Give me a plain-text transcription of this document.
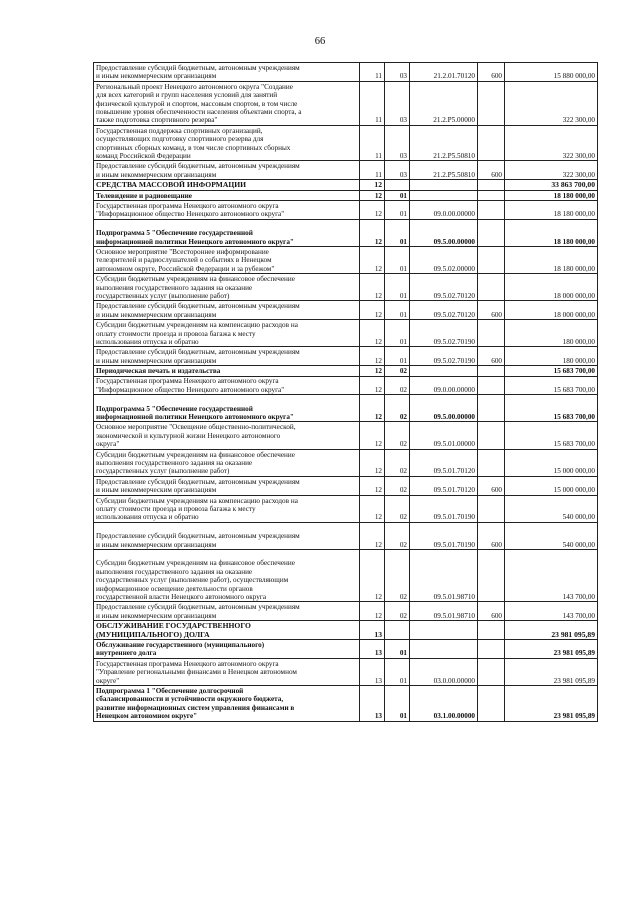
66
Предоставление субсидий бюджетным, автономным учреждениям
и иным некоммерческим организациям	11	03	21.2.01.70120	600	15 880 000,00
Региональный проект Ненецкого автономного округа "Создание
для всех категорий и групп населения условий для занятий
физической культурой и спортом, массовым спортом, в том числе
повышение уровня обеспеченности населения объектами спорта, а
также подготовка спортивного резерва"	11	03	21.2.P5.00000		322 300,00
Государственная поддержка спортивных организаций,
осуществляющих подготовку спортивного резерва для
спортивных сборных команд, в том числе спортивных сборных
команд Российской Федерации	11	03	21.2.P5.50810		322 300,00
Предоставление субсидий бюджетным, автономным учреждениям
и иным некоммерческим организациям	11	03	21.2.P5.50810	600	322 300,00
СРЕДСТВА МАССОВОЙ ИНФОРМАЦИИ	12				33 863 700,00
Телевидение и радиовещание	12	01			18 180 000,00
Государственная программа Ненецкого автономного округа
"Информационное общество Ненецкого автономного округа"	12	01	09.0.00.00000		18 180 000,00
Подпрограмма 5 "Обеспечение государственной
информационной политики Ненецкого автономного округа"	12	01	09.5.00.00000		18 180 000,00
Основное мероприятие "Всестороннее информирование
телезрителей и радиослушателей о событиях в Ненецком
автономном округе, Российской Федерации и за рубежом"	12	01	09.5.02.00000		18 180 000,00
Субсидии бюджетным учреждениям на финансовое обеспечение
выполнения государственного задания на оказание
государственных услуг (выполнение работ)	12	01	09.5.02.70120		18 000 000,00
Предоставление субсидий бюджетным, автономным учреждениям
и иным некоммерческим организациям	12	01	09.5.02.70120	600	18 000 000,00
Субсидии бюджетным учреждениям на компенсацию расходов на
оплату стоимости проезда и провоза багажа к месту
использования отпуска и обратно	12	01	09.5.02.70190		180 000,00
Предоставление субсидий бюджетным, автономным учреждениям
и иным некоммерческим организациям	12	01	09.5.02.70190	600	180 000,00
Периодическая печать и издательства	12	02			15 683 700,00
Государственная программа Ненецкого автономного округа
"Информационное общество Ненецкого автономного округа"	12	02	09.0.00.00000		15 683 700,00
Подпрограмма 5 "Обеспечение государственной
информационной политики Ненецкого автономного округа"	12	02	09.5.00.00000		15 683 700,00
Основное мероприятие "Освещение общественно-политической,
экономической и культурной жизни Ненецкого автономного
округа"	12	02	09.5.01.00000		15 683 700,00
Субсидии бюджетным учреждениям на финансовое обеспечение
выполнения государственного задания на оказание
государственных услуг (выполнение работ)	12	02	09.5.01.70120		15 000 000,00
Предоставление субсидий бюджетным, автономным учреждениям
и иным некоммерческим организациям	12	02	09.5.01.70120	600	15 000 000,00
Субсидии бюджетным учреждениям на компенсацию расходов на
оплату стоимости проезда и провоза багажа к месту
использования отпуска и обратно	12	02	09.5.01.70190		540 000,00
Предоставление субсидий бюджетным, автономным учреждениям
и иным некоммерческим организациям	12	02	09.5.01.70190	600	540 000,00
Субсидии бюджетным учреждениям на финансовое обеспечение
выполнения государственного задания на оказание
государственных услуг (выполнение работ), осуществляющим
информационное освещение деятельности органов
государственной власти Ненецкого автономного округа	12	02	09.5.01.98710		143 700,00
Предоставление субсидий бюджетным, автономным учреждениям
и иным некоммерческим организациям	12	02	09.5.01.98710	600	143 700,00
ОБСЛУЖИВАНИЕ ГОСУДАРСТВЕННОГО
(МУНИЦИПАЛЬНОГО) ДОЛГА	13				23 981 095,89
Обслуживание государственного (муниципального)
внутреннего долга	13	01			23 981 095,89
Государственная программа Ненецкого автономного округа
"Управление региональными финансами в Ненецком автономном
округе"	13	01	03.0.00.00000		23 981 095,89
Подпрограмма 1 "Обеспечение долгосрочной
сбалансированности и устойчивости окружного бюджета,
развитие информационных систем управления финансами в
Ненецком автономном округе"	13	01	03.1.00.00000		23 981 095,89
